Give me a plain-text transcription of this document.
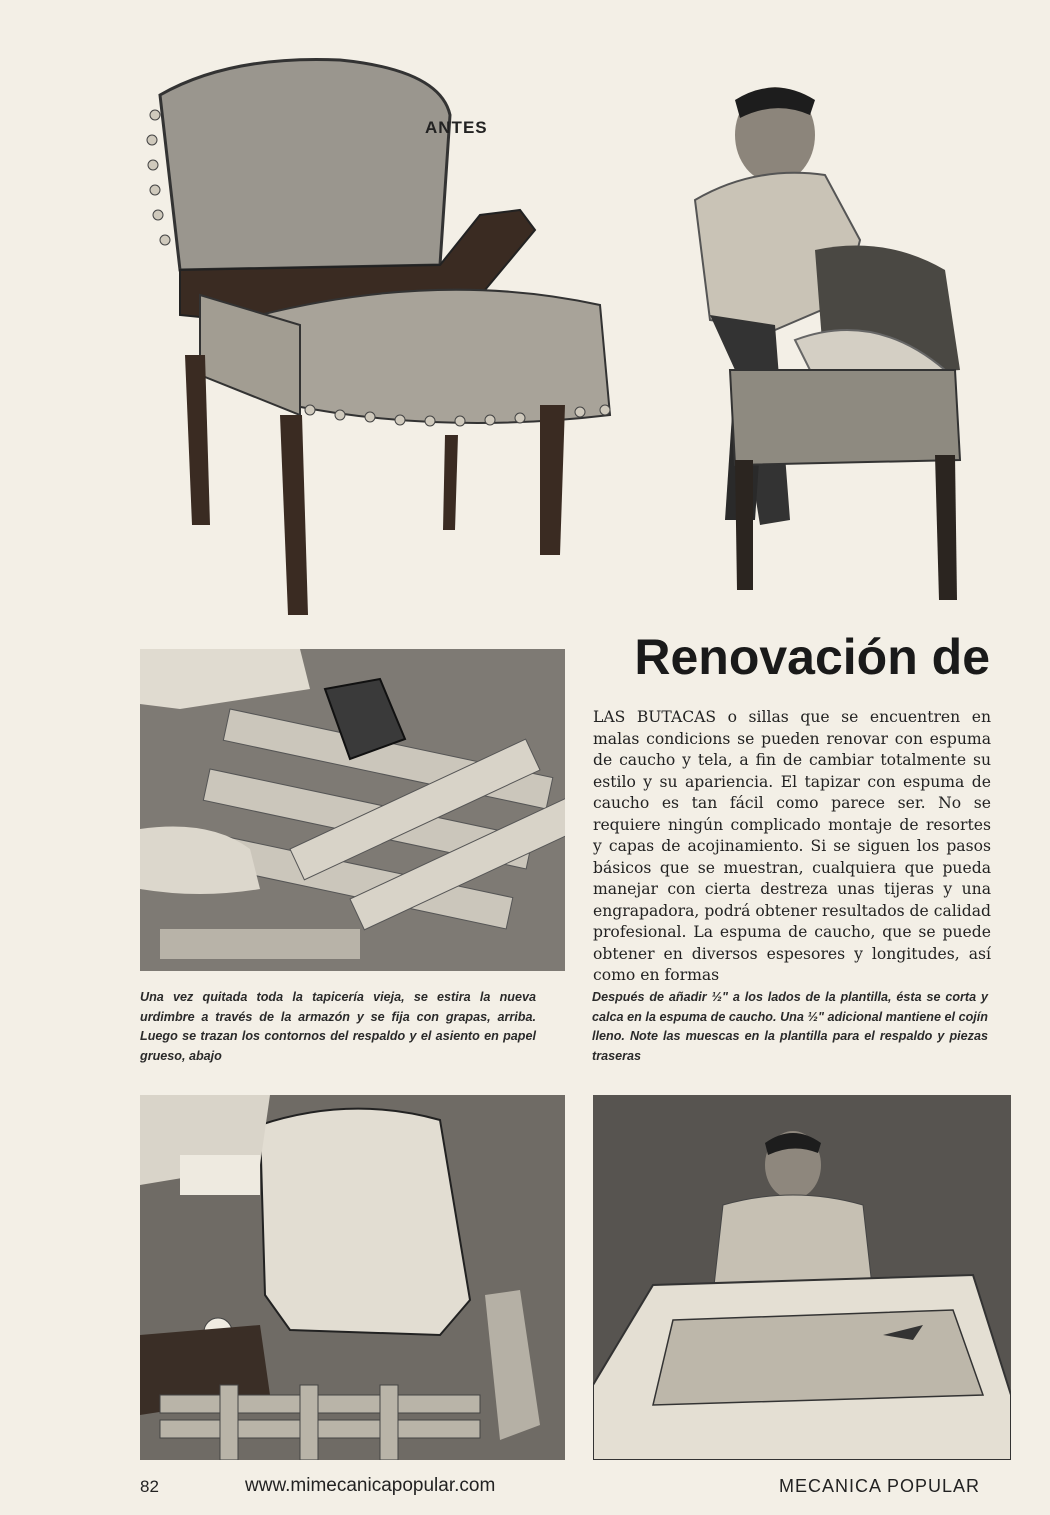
ANTES
Renovación de

LAS BUTACAS o sillas que se encuentren en malas condicions se pueden renovar con espuma de caucho y tela, a fin de cambiar totalmente su estilo y su apariencia. El tapizar con espuma de caucho es tan fácil como parece ser. No se requiere ningún complicado montaje de resortes y capas de acojinamiento. Si se siguen los pasos básicos que se muestran, cualquiera que pueda manejar con cierta destreza unas tijeras y una engrapadora, podrá obtener resultados de calidad profesional. La espuma de caucho, que se puede obtener en diversos espesores y longitudes, así como en formas

Una vez quitada toda la tapicería vieja, se estira la nueva urdimbre a través de la armazón y se fija con grapas, arriba. Luego se trazan los contornos del respaldo y el asiento en papel grueso, abajo

Después de añadir ½" a los lados de la plantilla, ésta se corta y calca en la espuma de caucho. Una ½" adicional mantiene el cojín lleno. Note las muescas en la plantilla para el respaldo y piezas traseras

82	www.mimecanicapopular.com	MECANICA POPULAR
